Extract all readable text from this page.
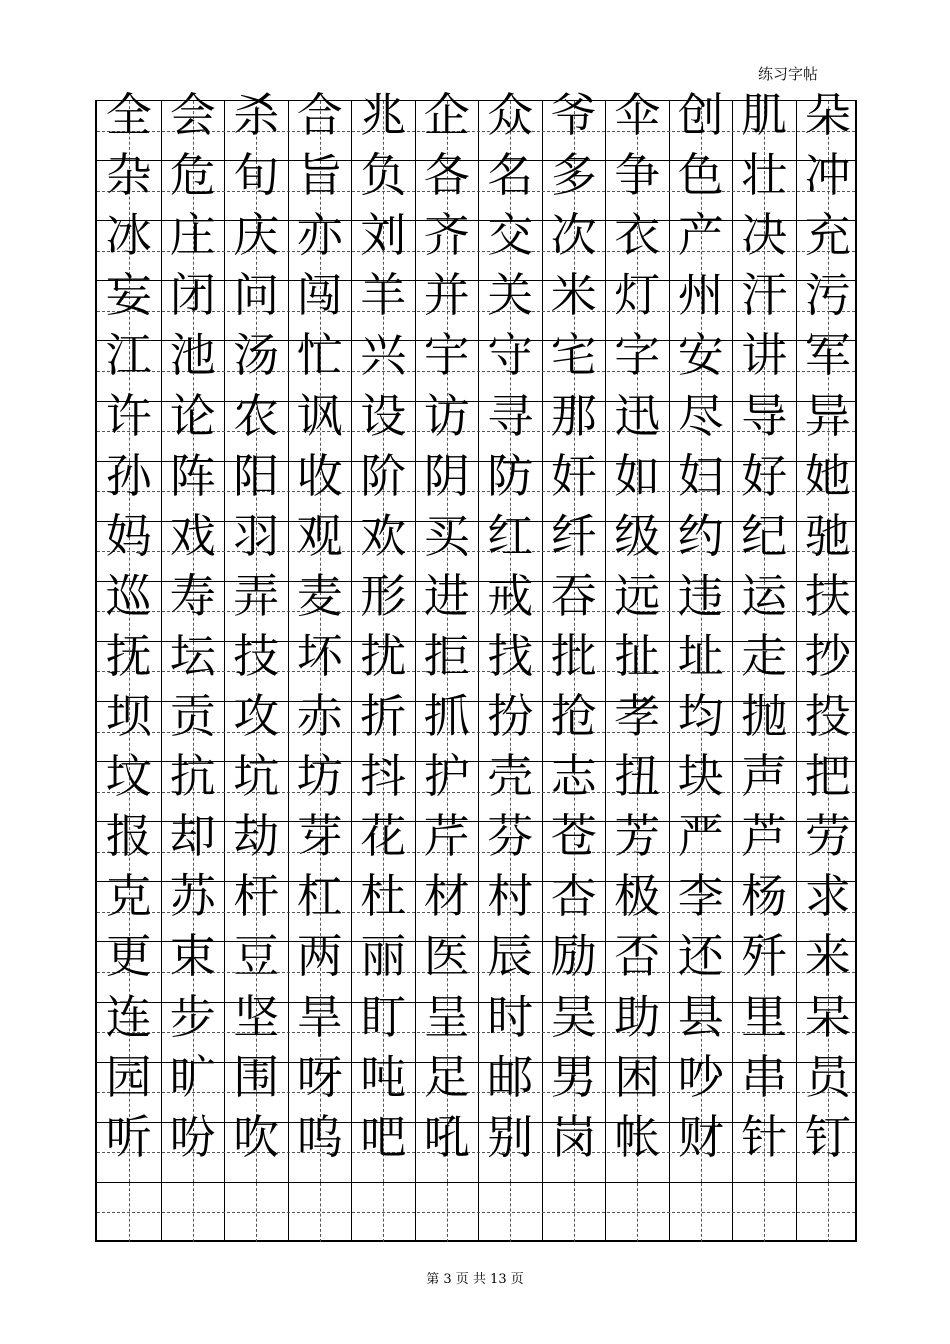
练习字帖
全 会 杀 合 兆 企 众 爷 伞 创 肌 朵
杂 危 旬 旨 负 各 名 多 争 色 壮 冲
冰 庄 庆 亦 刘 齐 交 次 衣 产 决 充
妄 闭 问 闯 羊 并 关 米 灯 州 汗 污
江 池 汤 忙 兴 宇 守 宅 字 安 讲 军
许 论 农 讽 设 访 寻 那 迅 尽 导 异
孙 阵 阳 收 阶 阴 防 奸 如 妇 好 她
妈 戏 羽 观 欢 买 红 纤 级 约 纪 驰
巡 寿 弄 麦 形 进 戒 吞 远 违 运 扶
抚 坛 技 坏 扰 拒 找 批 扯 址 走 抄
坝 贡 攻 赤 折 抓 扮 抢 孝 均 抛 投
坟 抗 坑 坊 抖 护 壳 志 扭 块 声 把
报 却 劫 芽 花 芹 芬 苍 芳 严 芦 劳
克 苏 杆 杠 杜 材 村 杏 极 李 杨 求
更 束 豆 两 丽 医 辰 励 否 还 歼 来
连 步 坚 旱 盯 呈 时 吴 助 县 里 呆
园 旷 围 呀 吨 足 邮 男 困 吵 串 员
听 吩 吹 呜 吧 吼 别 岗 帐 财 针 钉
第 3 页 共 13 页
